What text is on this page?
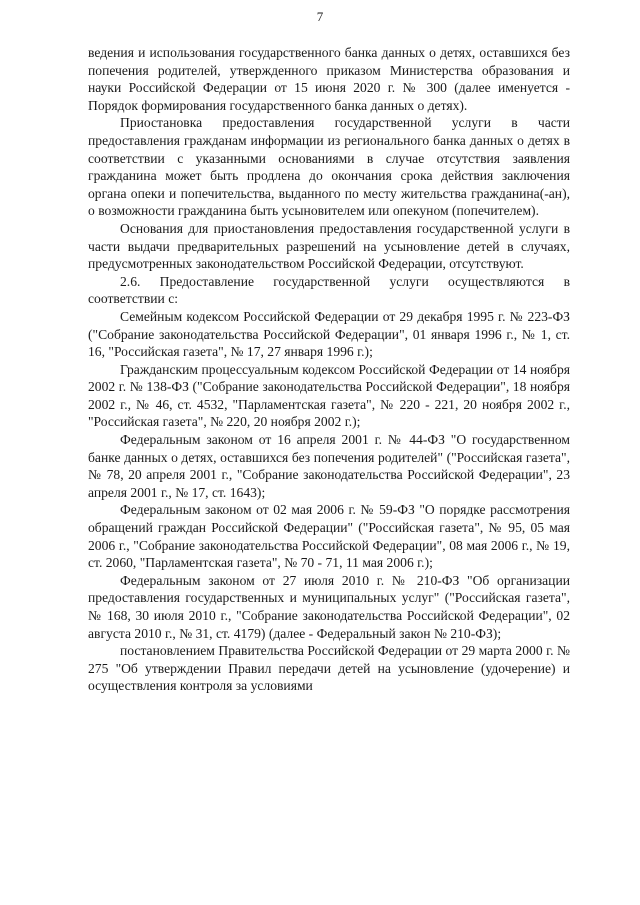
7

ведения и использования государственного банка данных о детях, оставшихся без попечения родителей, утвержденного приказом Министерства образования и науки Российской Федерации от 15 июня 2020 г. № 300 (далее именуется - Порядок формирования государственного банка данных о детях).

Приостановка предоставления государственной услуги в части предоставления гражданам информации из регионального банка данных о детях в соответствии с указанными основаниями в случае отсутствия заявления гражданина может быть продлена до окончания срока действия заключения органа опеки и попечительства, выданного по месту жительства гражданина(-ан), о возможности гражданина быть усыновителем или опекуном (попечителем).

Основания для приостановления предоставления государственной услуги в части выдачи предварительных разрешений на усыновление детей в случаях, предусмотренных законодательством Российской Федерации, отсутствуют.

2.6. Предоставление государственной услуги осуществляются в соответствии с:

Семейным кодексом Российской Федерации от 29 декабря 1995 г. № 223-ФЗ ("Собрание законодательства Российской Федерации", 01 января 1996 г., № 1, ст. 16, "Российская газета", № 17, 27 января 1996 г.);

Гражданским процессуальным кодексом Российской Федерации от 14 ноября 2002 г. № 138-ФЗ ("Собрание законодательства Российской Федерации", 18 ноября 2002 г., № 46, ст. 4532, "Парламентская газета", № 220 - 221, 20 ноября 2002 г., "Российская газета", № 220, 20 ноября 2002 г.);

Федеральным законом от 16 апреля 2001 г. № 44-ФЗ "О государственном банке данных о детях, оставшихся без попечения родителей" ("Российская газета", № 78, 20 апреля 2001 г., "Собрание законодательства Российской Федерации", 23 апреля 2001 г., № 17, ст. 1643);

Федеральным законом от 02 мая 2006 г. № 59-ФЗ "О порядке рассмотрения обращений граждан Российской Федерации" ("Российская газета", № 95, 05 мая 2006 г., "Собрание законодательства Российской Федерации", 08 мая 2006 г., № 19, ст. 2060, "Парламентская газета", № 70 - 71, 11 мая 2006 г.);

Федеральным законом от 27 июля 2010 г. № 210-ФЗ "Об организации предоставления государственных и муниципальных услуг" ("Российская газета", № 168, 30 июля 2010 г., "Собрание законодательства Российской Федерации", 02 августа 2010 г., № 31, ст. 4179) (далее - Федеральный закон № 210-ФЗ);

постановлением Правительства Российской Федерации от 29 марта 2000 г. № 275 "Об утверждении Правил передачи детей на усыновление (удочерение) и осуществления контроля за условиями
